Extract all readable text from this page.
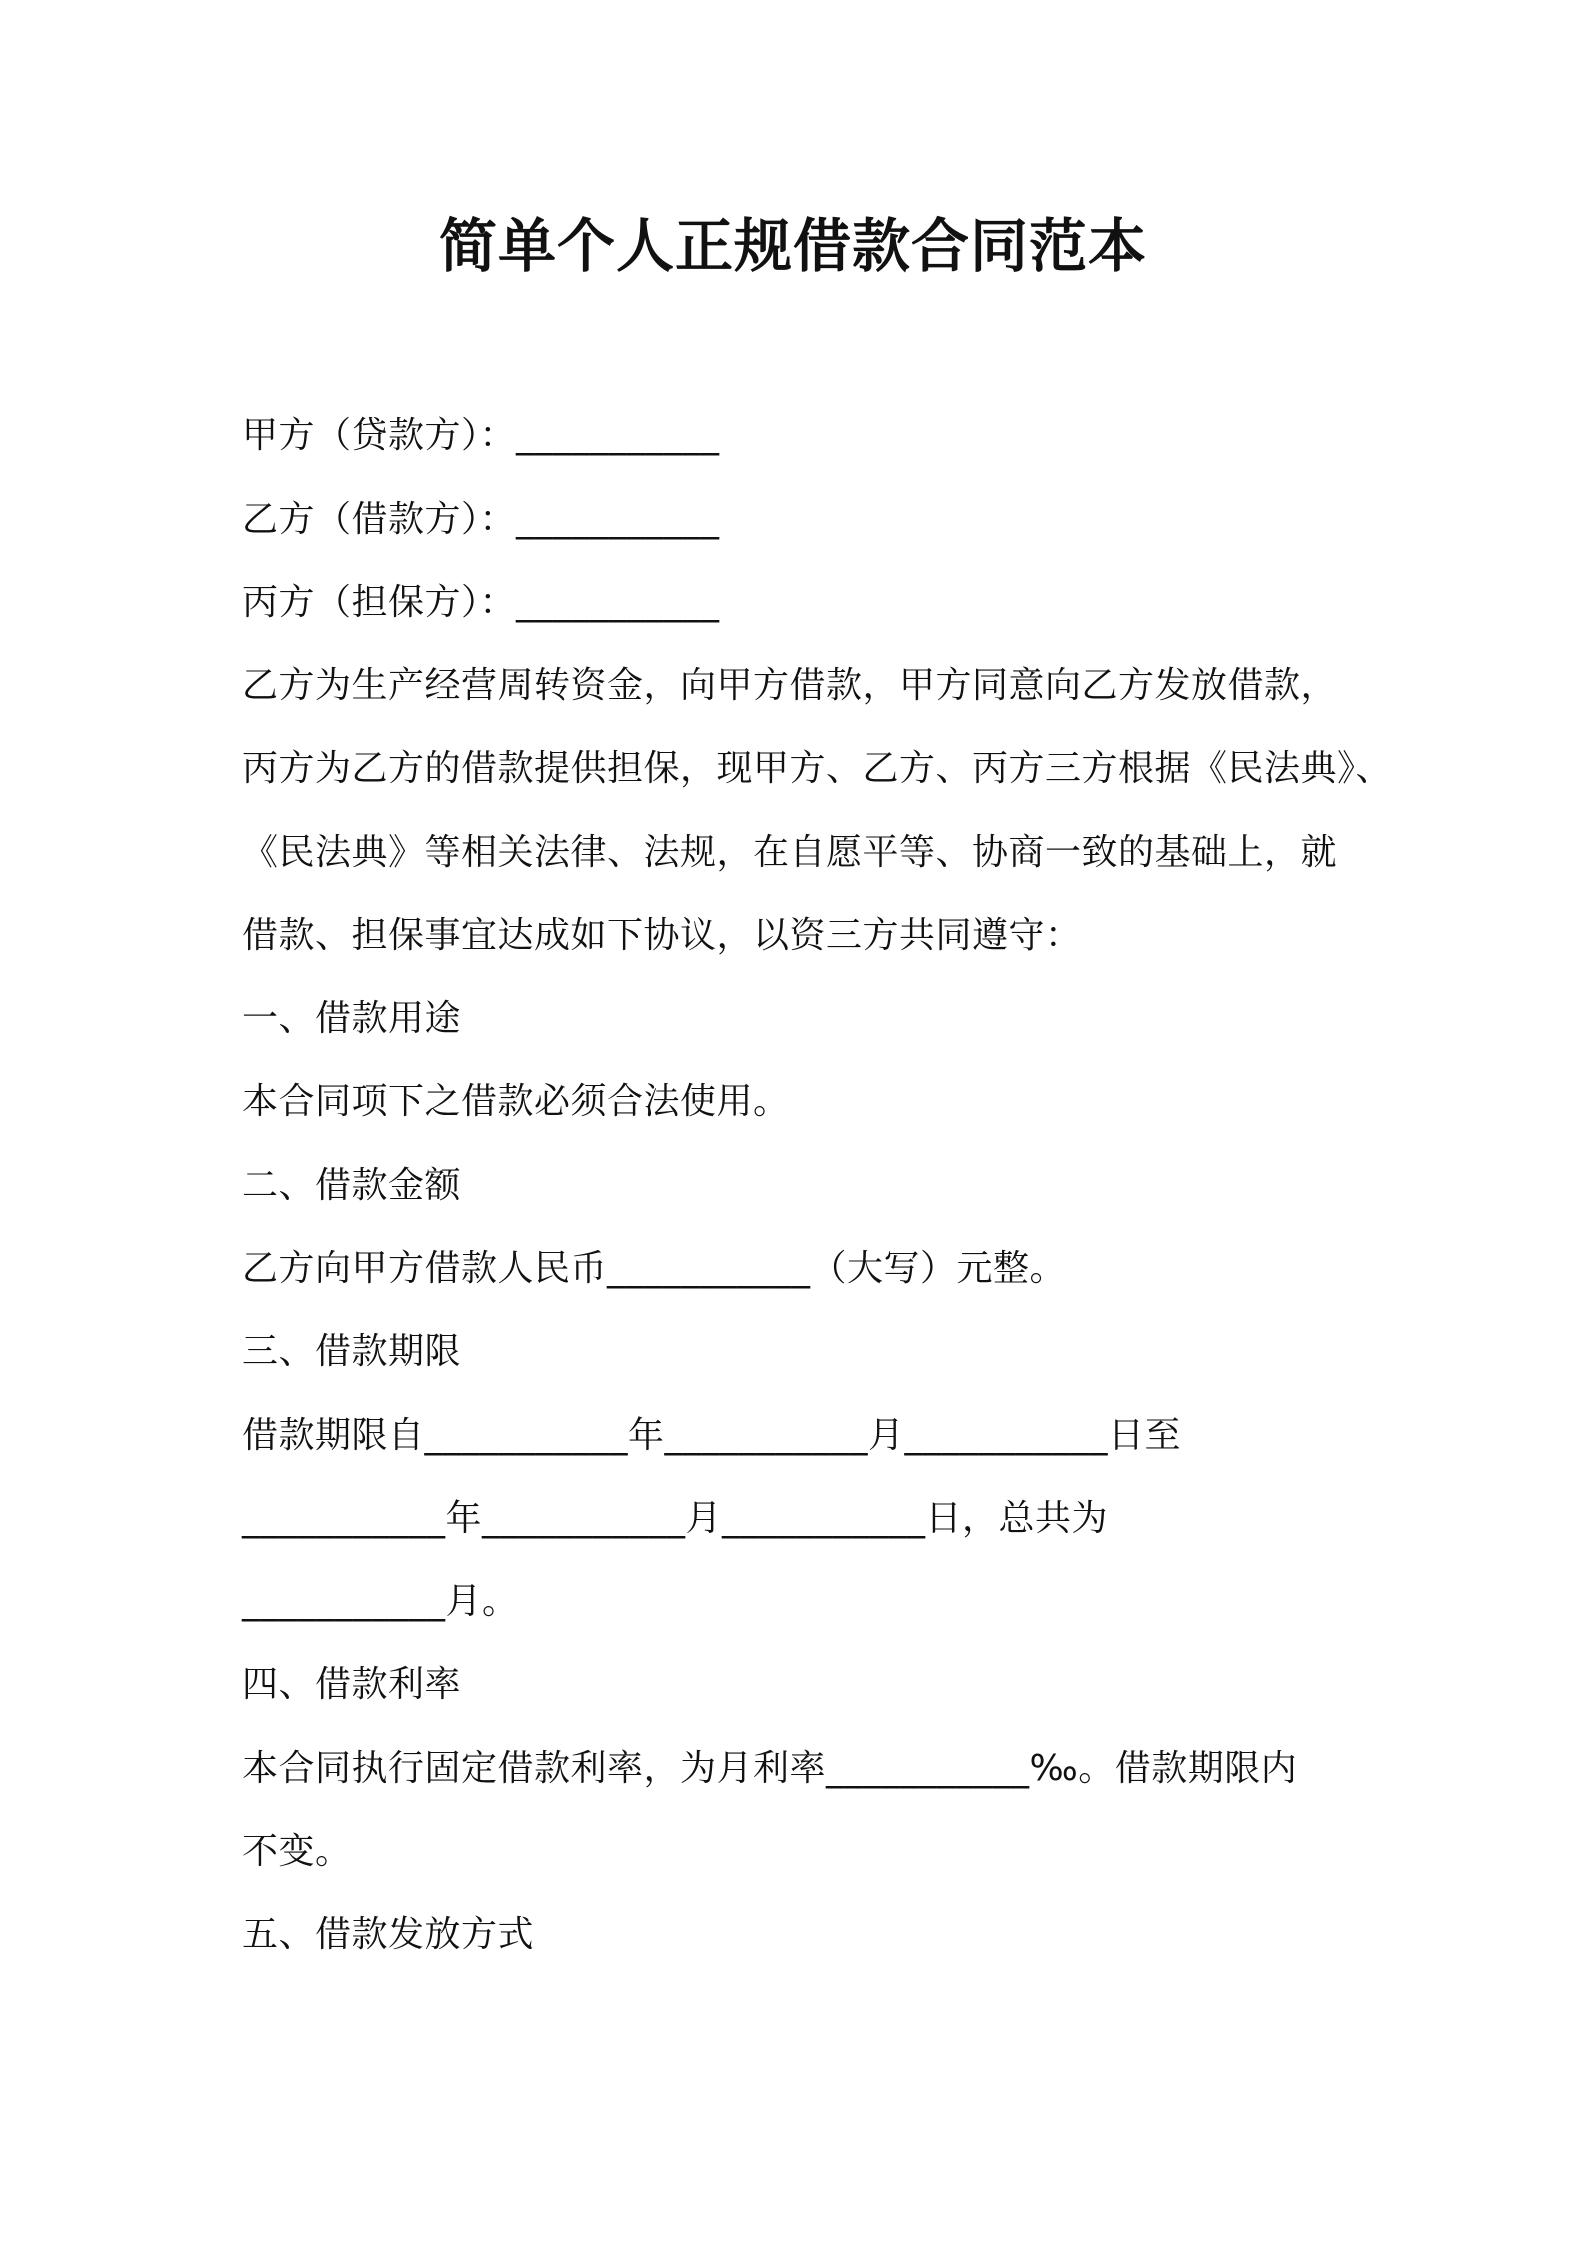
简单个人正规借款合同范本
甲方（贷款方）：___________
乙方（借款方）：___________
丙方（担保方）：___________
乙方为生产经营周转资金，向甲方借款，甲方同意向乙方发放借款，
丙方为乙方的借款提供担保，现甲方、乙方、丙方三方根据《民法典》、
《民法典》等相关法律、法规，在自愿平等、协商一致的基础上，就
借款、担保事宜达成如下协议，以资三方共同遵守：
一、借款用途
本合同项下之借款必须合法使用。
二、借款金额
乙方向甲方借款人民币___________（大写）元整。
三、借款期限
借款期限自___________年___________月___________日至
___________年___________月___________日，总共为
___________月。
四、借款利率
本合同执行固定借款利率，为月利率___________‰。借款期限内
不变。
五、借款发放方式
